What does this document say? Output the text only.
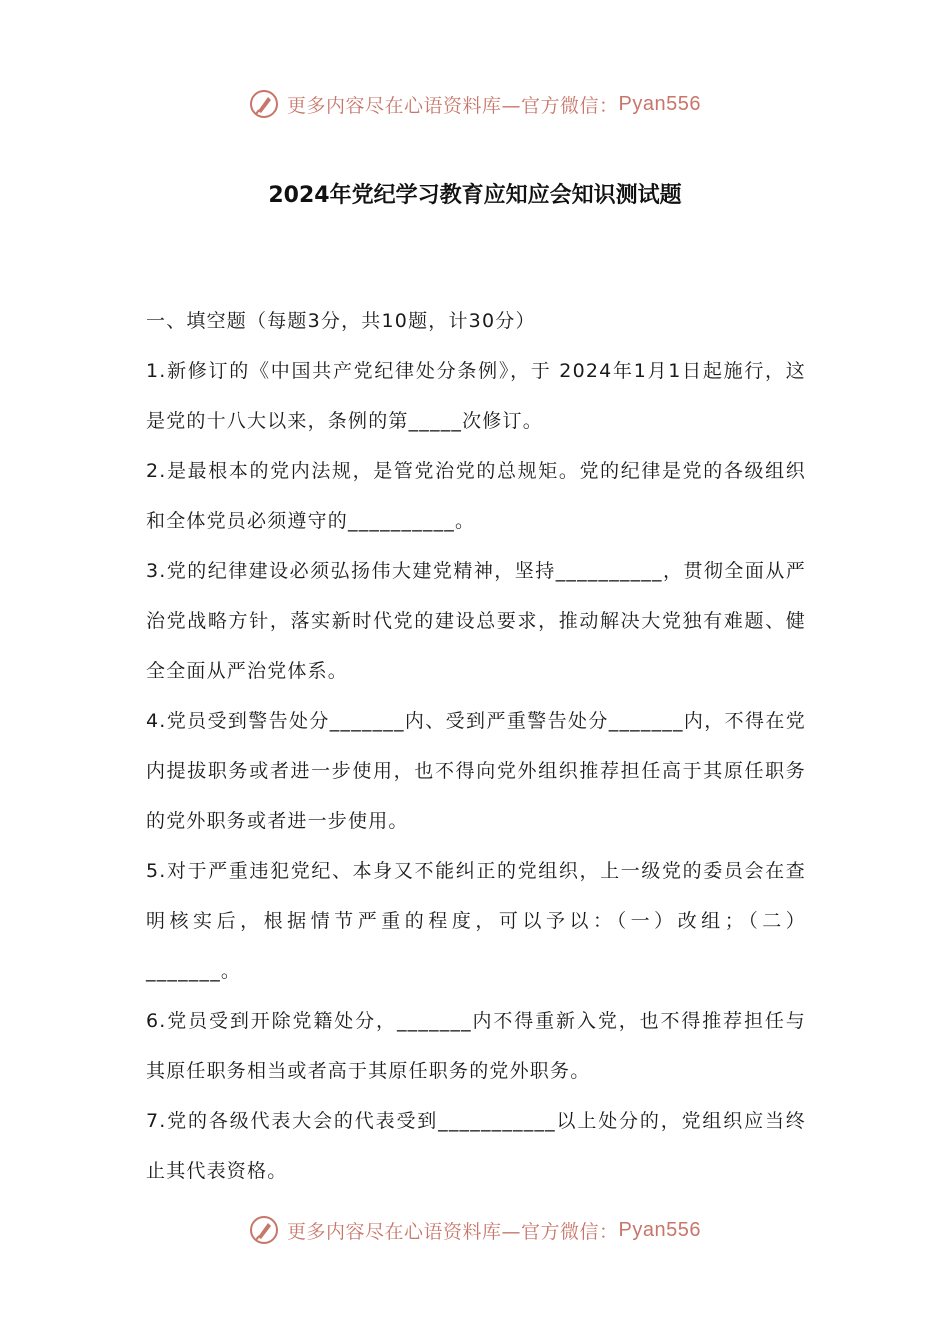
更多内容尽在心语资料库—官方微信： Pyan556
2024年党纪学习教育应知应会知识测试题

一、填空题（每题3分，共10题，计30分）

1.新修订的《中国共产党纪律处分条例》，于 2024年1月1日起施行，这是党的十八大以来，条例的第_____次修订。

2.是最根本的党内法规，是管党治党的总规矩。党的纪律是党的各级组织和全体党员必须遵守的__________。

3.党的纪律建设必须弘扬伟大建党精神，坚持__________，贯彻全面从严治党战略方针，落实新时代党的建设总要求，推动解决大党独有难题、健全全面从严治党体系。

4.党员受到警告处分_______内、受到严重警告处分_______内，不得在党内提拔职务或者进一步使用，也不得向党外组织推荐担任高于其原任职务的党外职务或者进一步使用。

5.对于严重违犯党纪、本身又不能纠正的党组织，上一级党的委员会在查明核实后，根据情节严重的程度，可以予以：（一）改组；（二）_______。

6.党员受到开除党籍处分，_______内不得重新入党，也不得推荐担任与其原任职务相当或者高于其原任职务的党外职务。

7.党的各级代表大会的代表受到___________以上处分的，党组织应当终止其代表资格。

更多内容尽在心语资料库—官方微信： Pyan556
